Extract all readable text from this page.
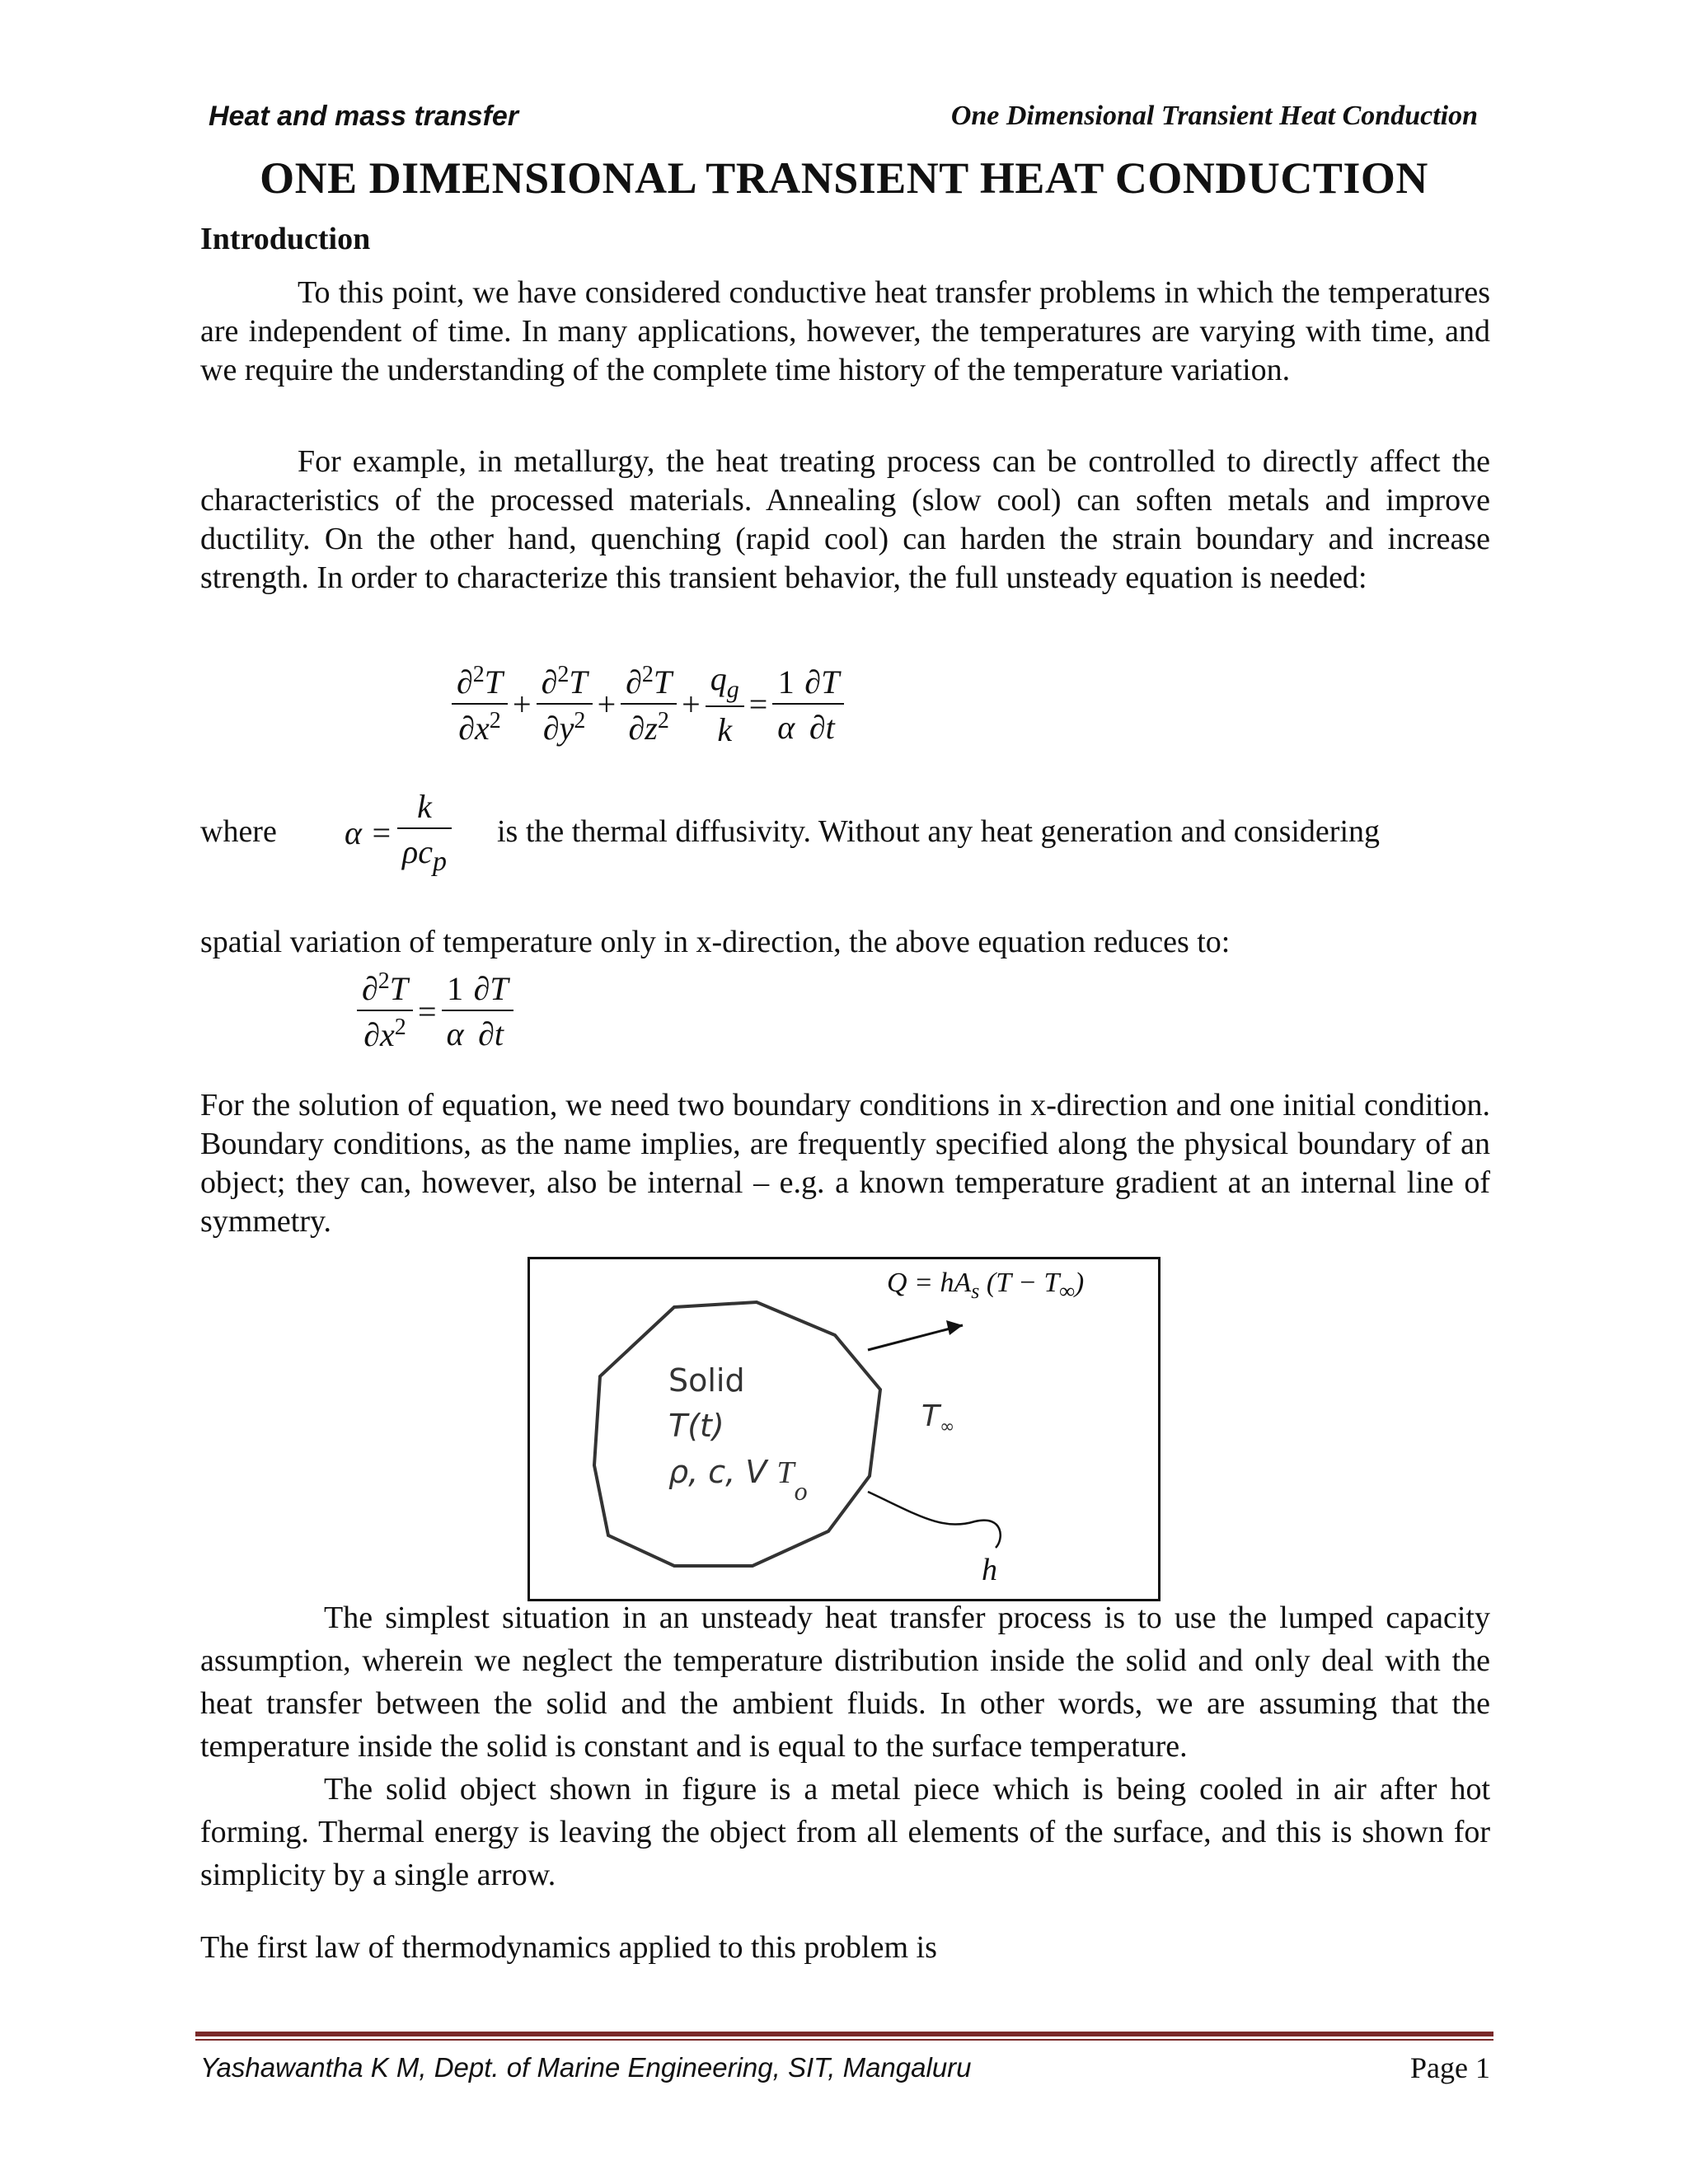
Heat and mass transfer	One Dimensional Transient Heat Conduction
ONE DIMENSIONAL TRANSIENT HEAT CONDUCTION
Introduction

To this point, we have considered conductive heat transfer problems in which the temperatures are independent of time. In many applications, however, the temperatures are varying with time, and we require the understanding of the complete time history of the temperature variation.

For example, in metallurgy, the heat treating process can be controlled to directly affect the characteristics of the processed materials. Annealing (slow cool) can soften metals and improve ductility. On the other hand, quenching (rapid cool) can harden the strain boundary and increase strength. In order to characterize this transient behavior, the full unsteady equation is needed:

$\frac{\partial^2T}{\partial x^2} + \frac{\partial^2T}{\partial y^2} + \frac{\partial^2T}{\partial z^2} + \frac{q_g}{k} = \frac{1}{\alpha} \frac{\partial T}{\partial t}$
where $\alpha = \frac{k}{\rho c_p}$ is the thermal diffusivity. Without any heat generation and considering

spatial variation of temperature only in x-direction, the above equation reduces to:

$\frac{\partial^2T}{\partial x^2} = \frac{1}{\alpha} \frac{\partial T}{\partial t}$

For the solution of equation, we need two boundary conditions in x-direction and one initial condition. Boundary conditions, as the name implies, are frequently specified along the physical boundary of an object; they can, however, also be internal – e.g. a known temperature gradient at an internal line of symmetry.

$Q = hA_s$ $(T - T_\infty)$
Solid
T(t)
ρ, c, V $T_o$
$T_\infty$
h

The simplest situation in an unsteady heat transfer process is to use the lumped capacity assumption, wherein we neglect the temperature distribution inside the solid and only deal with the heat transfer between the solid and the ambient fluids. In other words, we are assuming that the temperature inside the solid is constant and is equal to the surface temperature.

The solid object shown in figure is a metal piece which is being cooled in air after hot forming. Thermal energy is leaving the object from all elements of the surface, and this is shown for simplicity by a single arrow.

The first law of thermodynamics applied to this problem is

Yashawantha K M, Dept. of Marine Engineering, SIT, Mangaluru	Page 1
